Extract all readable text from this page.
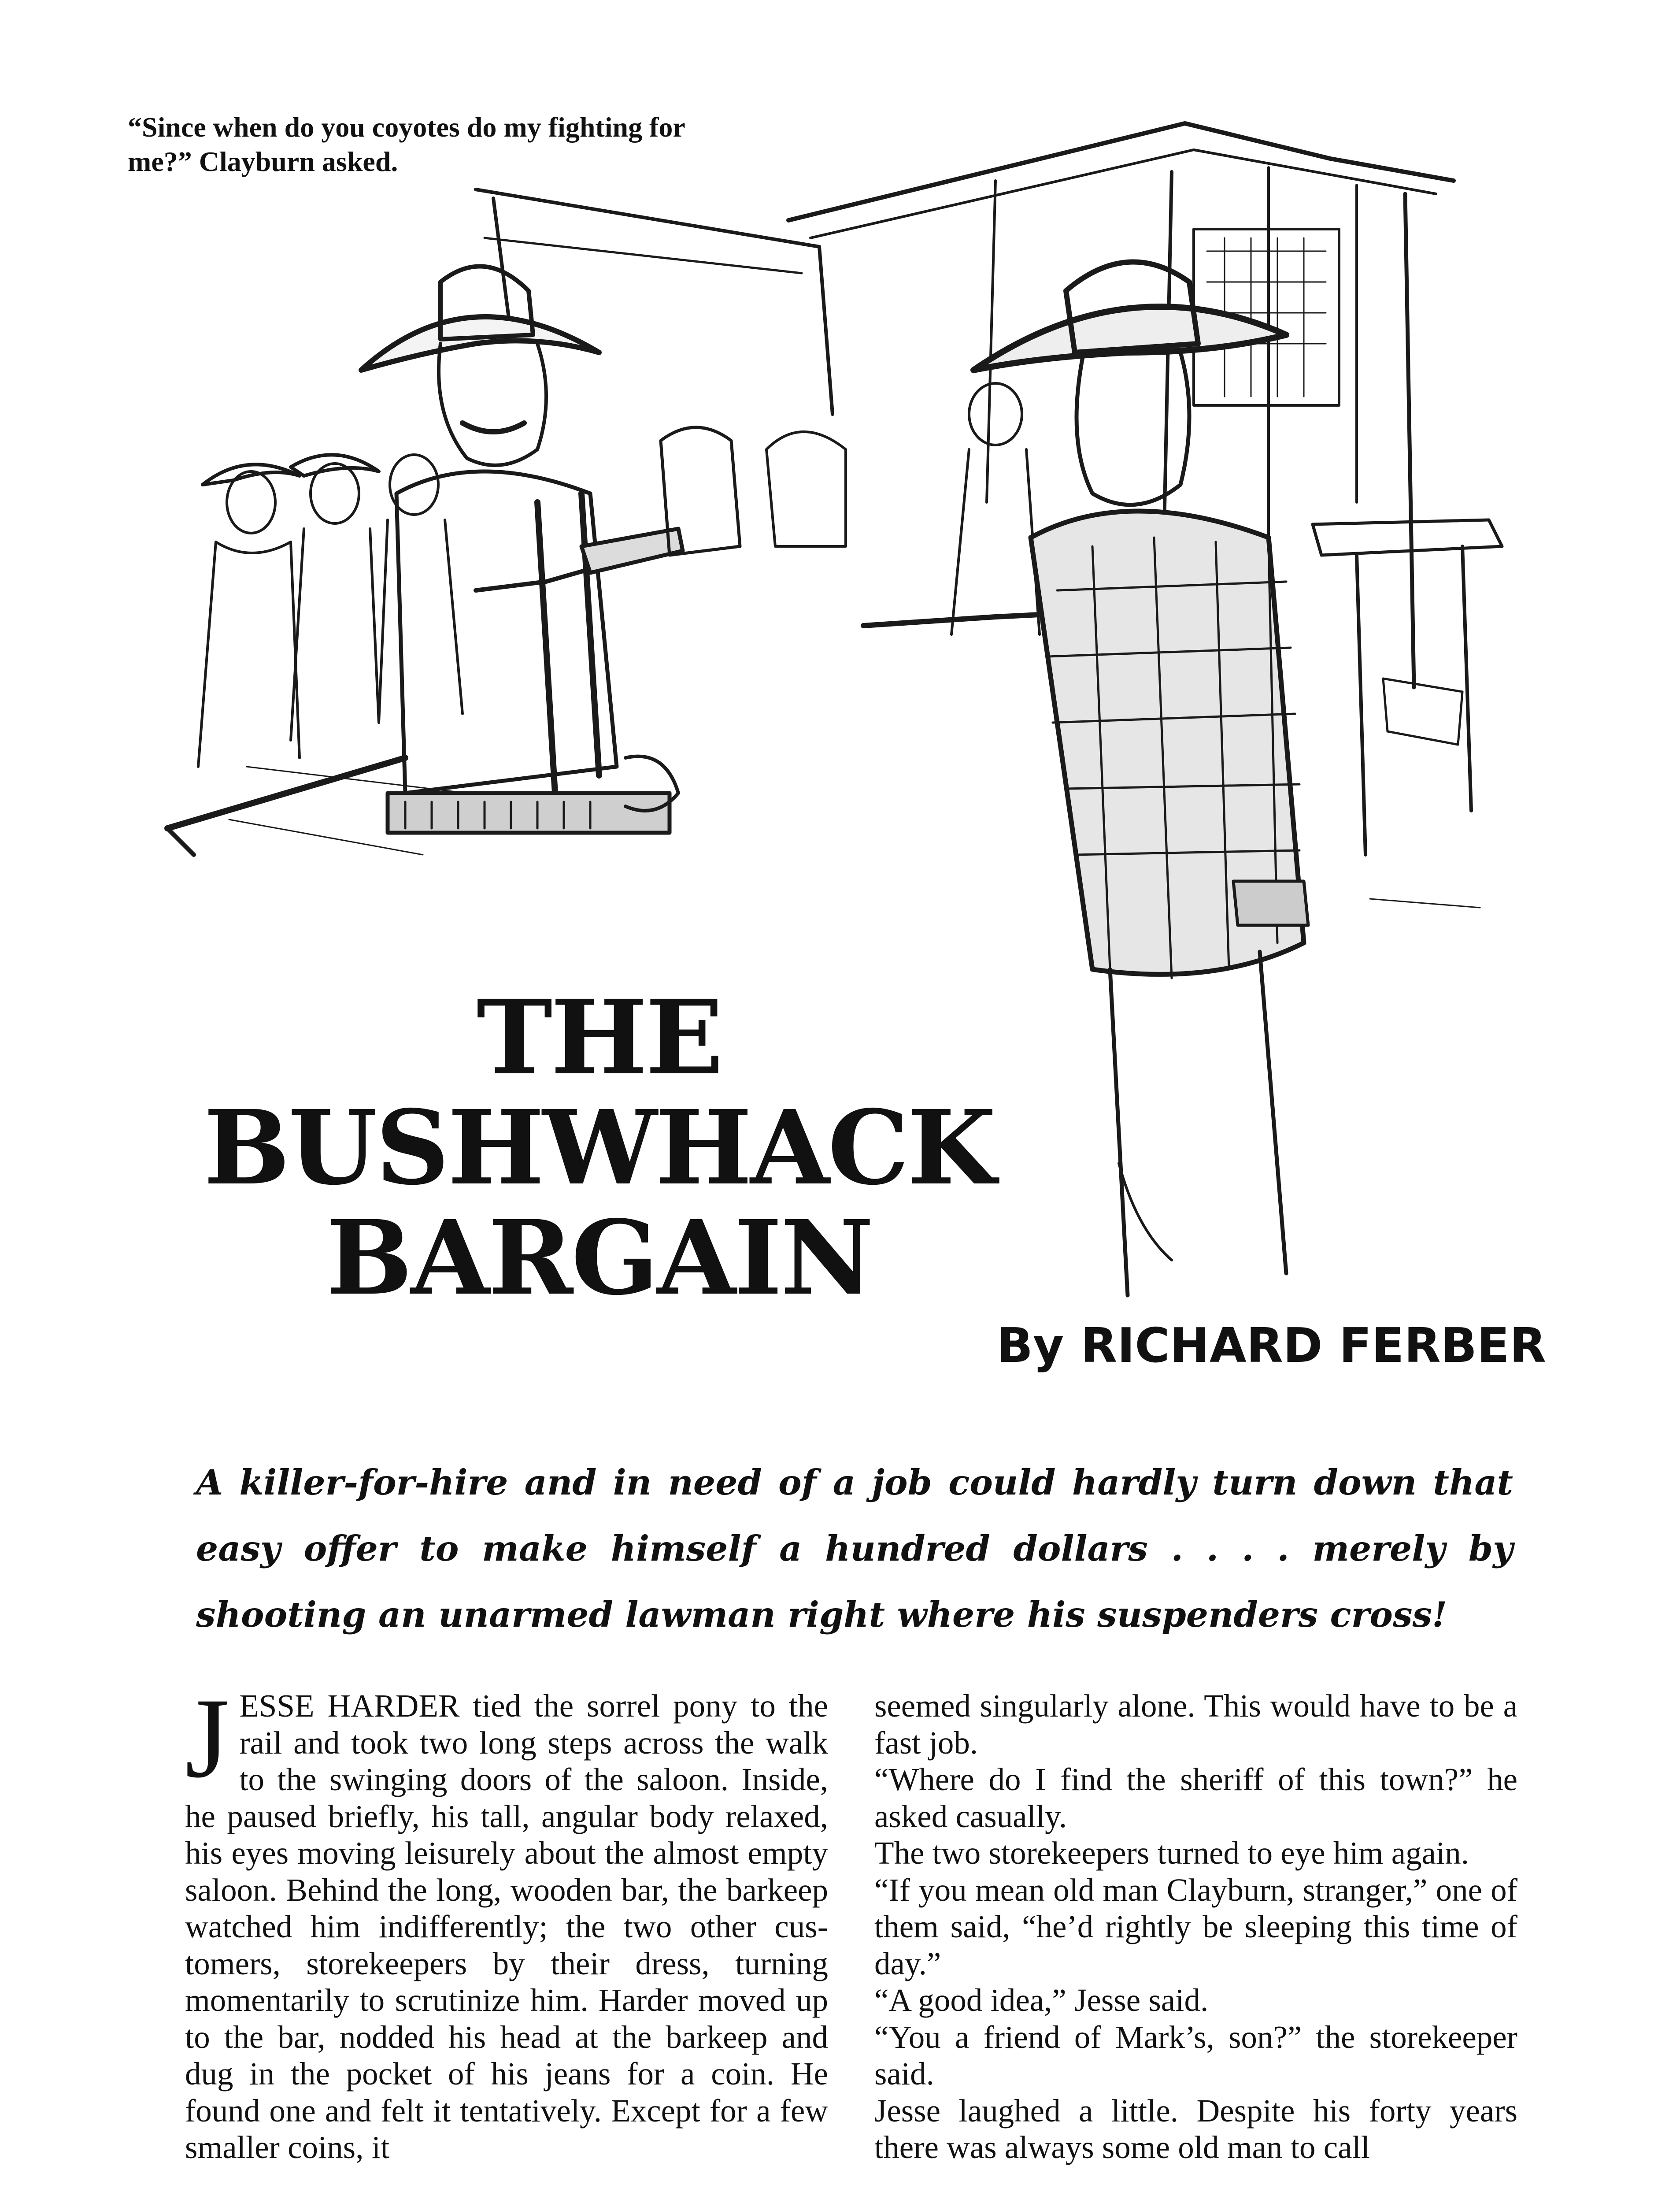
“Since when do you coyotes do my fighting for me?” Clayburn asked.
THE
BUSHWHACK
BARGAIN
By RICHARD FERBER
A killer-for-hire and in need of a job could hardly turn down that easy offer to make himself a hundred dollars . . . . merely by shooting an unarmed lawman right where his suspenders cross!
J ESSE HARDER tied the sorrel pony to the rail and took two long steps across the walk to the swinging doors of the saloon. Inside, he paused briefly, his tall, angular body relaxed, his eyes moving leisurely about the almost empty saloon. Behind the long, wooden bar, the barkeep watched him indifferently; the two other customers, storekeepers by their dress, turning momentarily to scrutinize him. Harder moved up to the bar, nodded his head at the barkeep and dug in the pocket of his jeans for a coin. He found one and felt it tentatively. Except for a few smaller coins, it

seemed singularly alone. This would have to be a fast job.

“Where do I find the sheriff of this town?” he asked casually.

The two storekeepers turned to eye him again.

“If you mean old man Clayburn, stranger,” one of them said, “he’d rightly be sleeping this time of day.”

“A good idea,” Jesse said.

“You a friend of Mark’s, son?” the storekeeper said.

Jesse laughed a little. Despite his forty years there was always some old man to call
